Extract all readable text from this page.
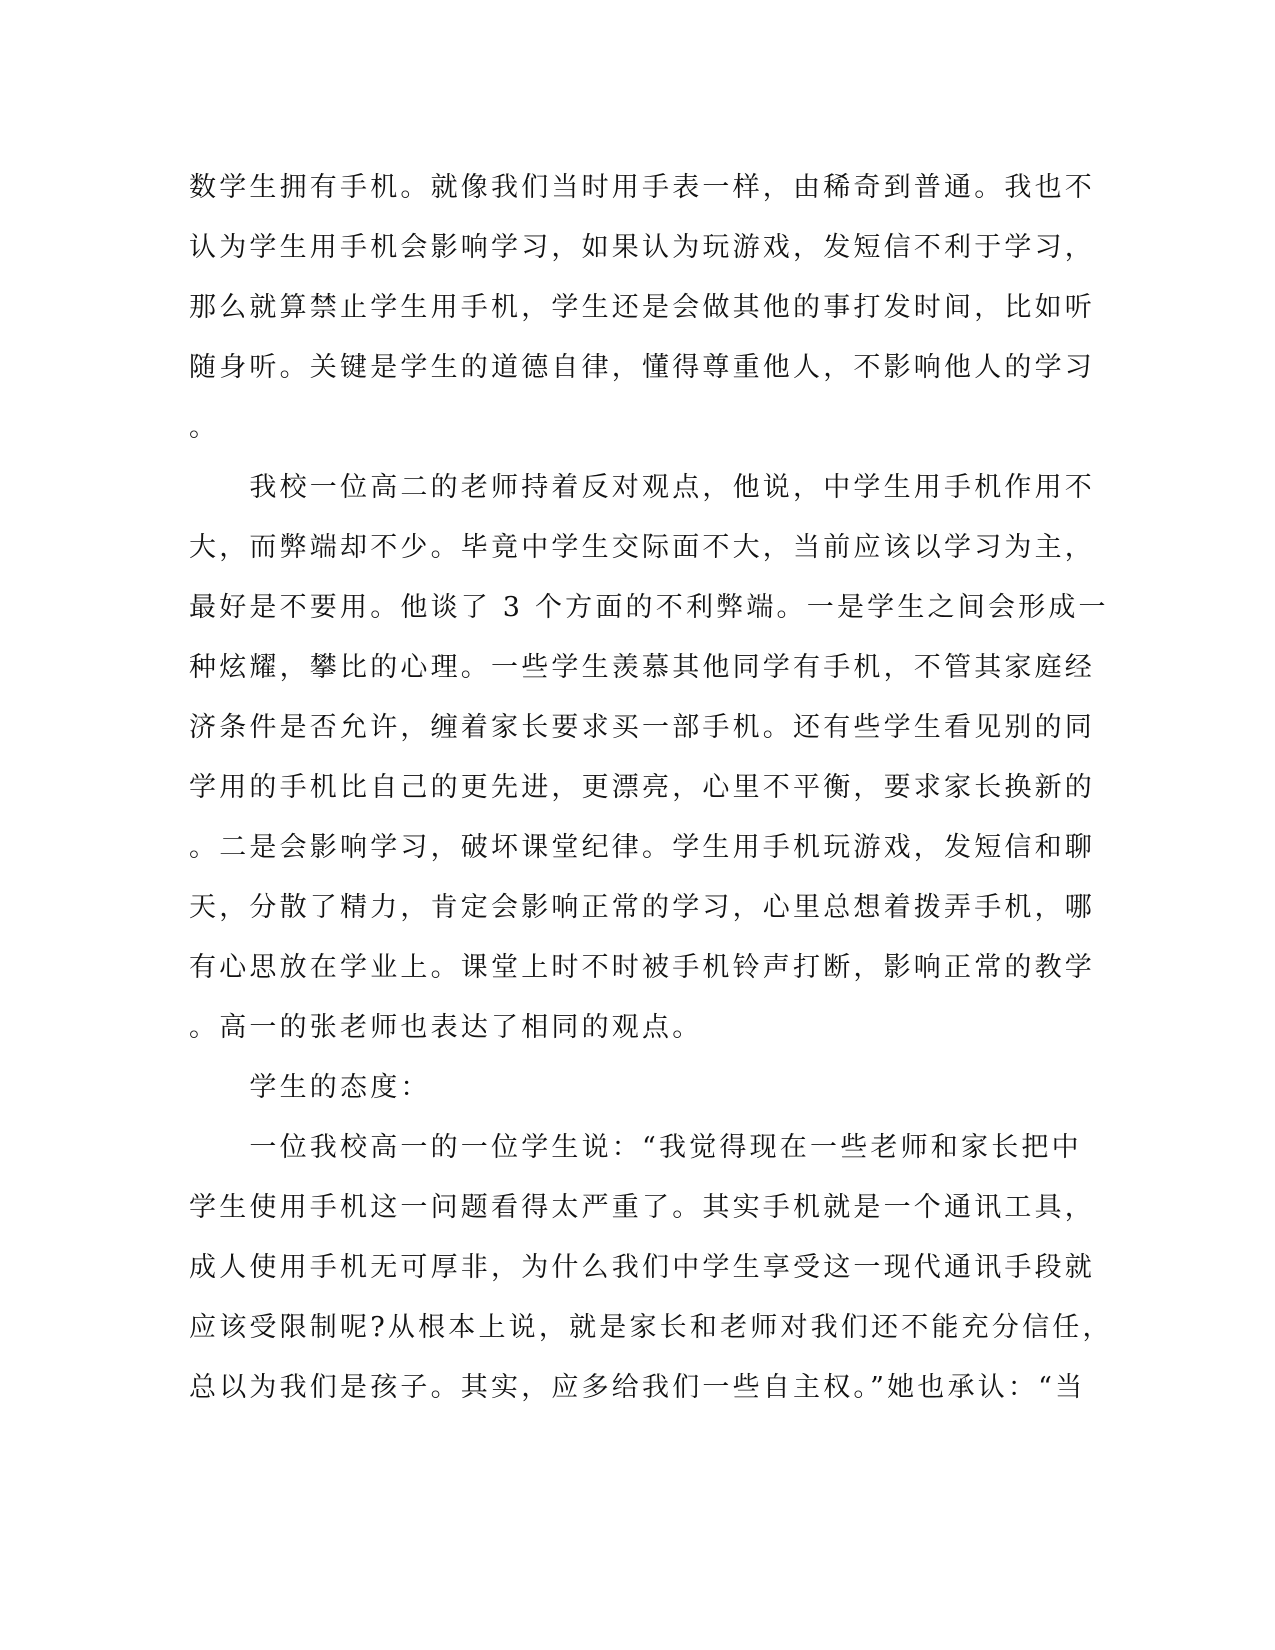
数学生拥有手机。就像我们当时用手表一样，由稀奇到普通。我也不
认为学生用手机会影响学习，如果认为玩游戏，发短信不利于学习，
那么就算禁止学生用手机，学生还是会做其他的事打发时间，比如听
随身听。关键是学生的道德自律，懂得尊重他人，不影响他人的学习
。
　　我校一位高二的老师持着反对观点，他说，中学生用手机作用不
大，而弊端却不少。毕竟中学生交际面不大，当前应该以学习为主，
最好是不要用。他谈了 3 个方面的不利弊端。一是学生之间会形成一
种炫耀，攀比的心理。一些学生羡慕其他同学有手机，不管其家庭经
济条件是否允许，缠着家长要求买一部手机。还有些学生看见别的同
学用的手机比自己的更先进，更漂亮，心里不平衡，要求家长换新的
。二是会影响学习，破坏课堂纪律。学生用手机玩游戏，发短信和聊
天，分散了精力，肯定会影响正常的学习，心里总想着拨弄手机，哪
有心思放在学业上。课堂上时不时被手机铃声打断，影响正常的教学
。高一的张老师也表达了相同的观点。
　　学生的态度：
　　一位我校高一的一位学生说：“我觉得现在一些老师和家长把中
学生使用手机这一问题看得太严重了。其实手机就是一个通讯工具，
成人使用手机无可厚非，为什么我们中学生享受这一现代通讯手段就
应该受限制呢?从根本上说，就是家长和老师对我们还不能充分信任，
总以为我们是孩子。其实，应多给我们一些自主权。”她也承认：“当
